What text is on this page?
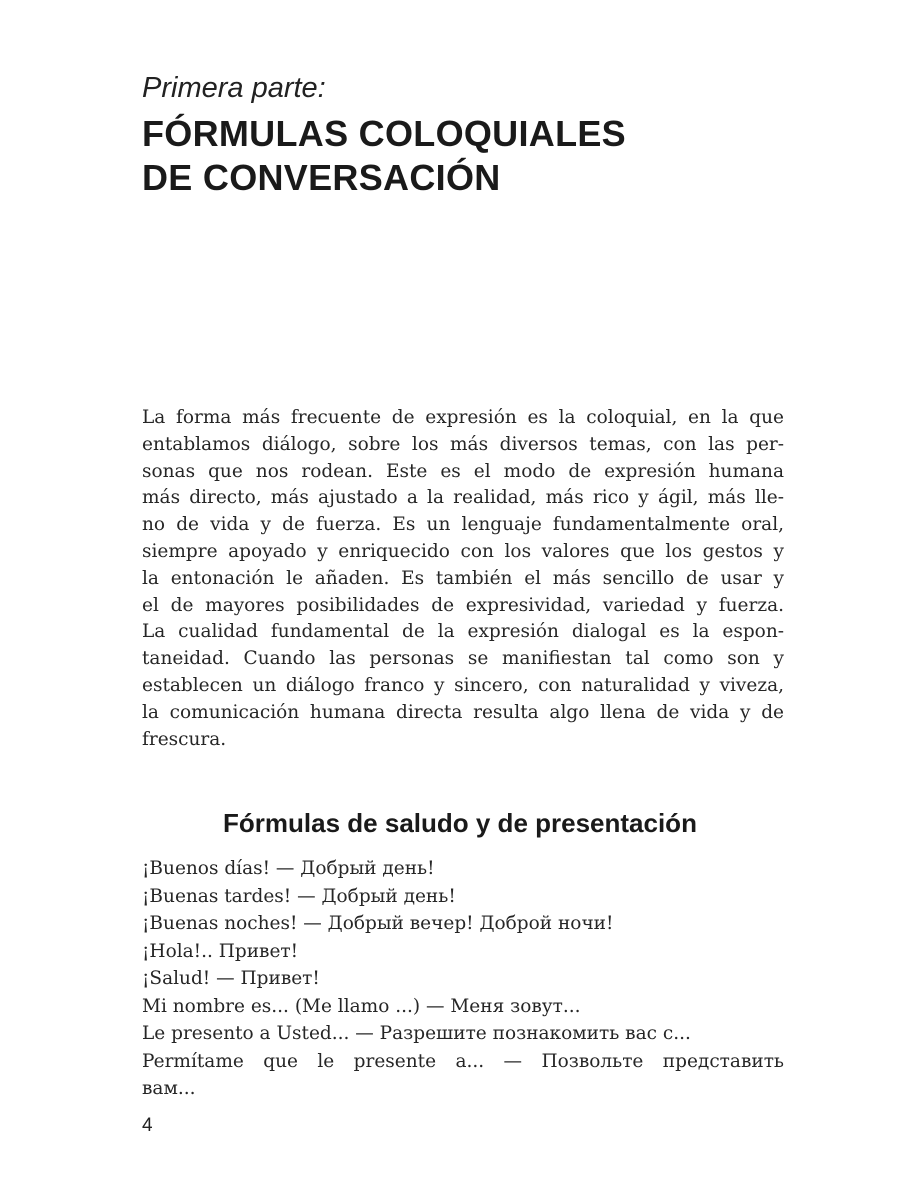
Primera parte:
FÓRMULAS COLOQUIALES
DE CONVERSACIÓN
La forma más frecuente de expresión es la coloquial, en la que
entablamos diálogo, sobre los más diversos temas, con las per-
sonas que nos rodean. Este es el modo de expresión humana
más directo, más ajustado a la realidad, más rico y ágil, más lle-
no de vida y de fuerza. Es un lenguaje fundamentalmente oral,
siempre apoyado y enriquecido con los valores que los gestos y
la entonación le añaden. Es también el más sencillo de usar y
el de mayores posibilidades de expresividad, variedad y fuerza.
La cualidad fundamental de la expresión dialogal es la espon-
taneidad. Cuando las personas se manifiestan tal como son y
establecen un diálogo franco y sincero, con naturalidad y viveza,
la comunicación humana directa resulta algo llena de vida y de
frescura.
Fórmulas de saludo y de presentación
¡Buenos días! — Добрый день!
¡Buenas tardes! — Добрый день!
¡Buenas noches! — Добрый вечер! Доброй ночи!
¡Hola!.. Привет!
¡Salud! — Привет!
Mi nombre es... (Me llamo ...) — Меня зовут...
Le presento a Usted... — Разрешите познакомить вас с...
Permítame que le presente a... — Позвольте представить
вам...
4
